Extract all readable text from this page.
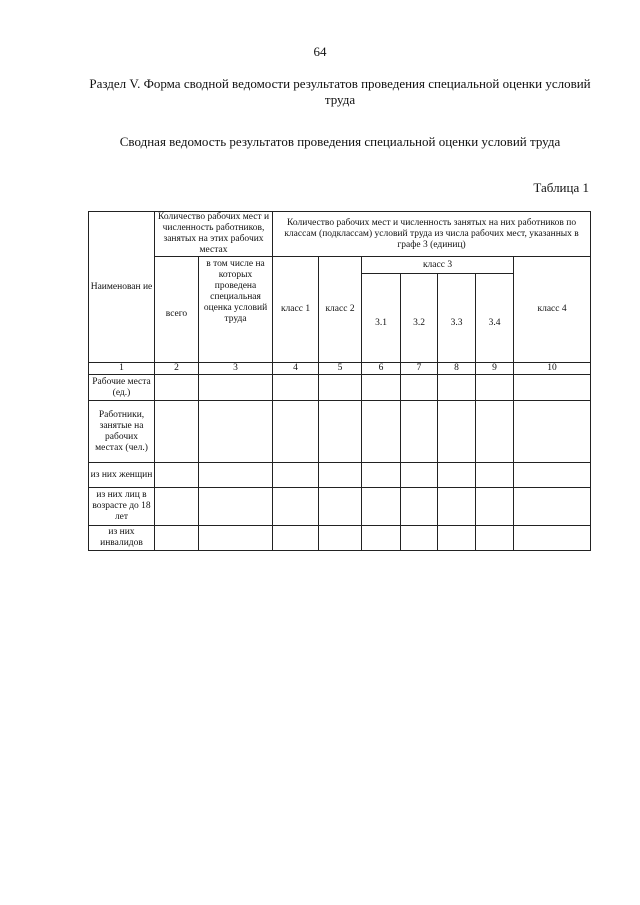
64
Раздел V. Форма сводной ведомости результатов проведения специальной оценки условий труда
Сводная ведомость результатов проведения специальной оценки условий труда
Таблица 1
Наименован ие	Количество рабочих мест и численность работников, занятых на этих рабочих местах		Количество рабочих мест и численность занятых на них работников по классам (подклассам) условий труда из числа рабочих мест, указанных в графе 3 (единиц)						
	всего	в том числе на которых проведена специальная оценка условий труда	класс 1	класс 2	класс 3				класс 4
					3.1	3.2	3.3	3.4	
1	2	3	4	5	6	7	8	9	10
Рабочие места (ед.)									
Работники, занятые на рабочих местах (чел.)									
из них женщин									
из них лиц в возрасте до 18 лет									
из них инвалидов									
